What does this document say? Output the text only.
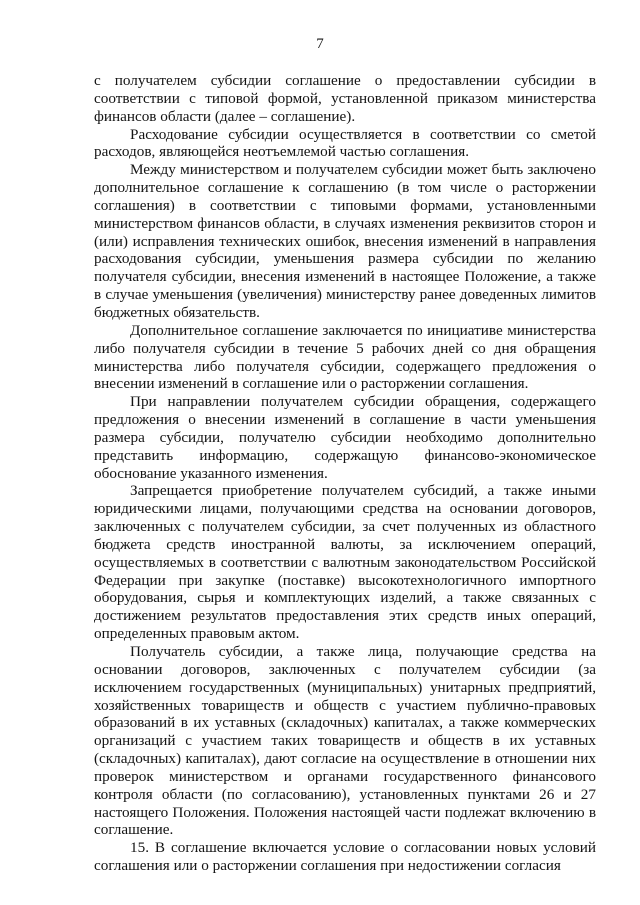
7

с получателем субсидии соглашение о предоставлении субсидии в соответствии с типовой формой, установленной приказом министерства финансов области (далее – соглашение).

Расходование субсидии осуществляется в соответствии со сметой расходов, являющейся неотъемлемой частью соглашения.

Между министерством и получателем субсидии может быть заключено дополнительное соглашение к соглашению (в том числе о расторжении соглашения) в соответствии с типовыми формами, установленными министерством финансов области, в случаях изменения реквизитов сторон и (или) исправления технических ошибок, внесения изменений в направления расходования субсидии, уменьшения размера субсидии по желанию получателя субсидии, внесения изменений в настоящее Положение, а также в случае уменьшения (увеличения) министерству ранее доведенных лимитов бюджетных обязательств.

Дополнительное соглашение заключается по инициативе министерства либо получателя субсидии в течение 5 рабочих дней со дня обращения министерства либо получателя субсидии, содержащего предложения о внесении изменений в соглашение или о расторжении соглашения.

При направлении получателем субсидии обращения, содержащего предложения о внесении изменений в соглашение в части уменьшения размера субсидии, получателю субсидии необходимо дополнительно представить информацию, содержащую финансово-экономическое обоснование указанного изменения.

Запрещается приобретение получателем субсидий, а также иными юридическими лицами, получающими средства на основании договоров, заключенных с получателем субсидии, за счет полученных из областного бюджета средств иностранной валюты, за исключением операций, осуществляемых в соответствии с валютным законодательством Российской Федерации при закупке (поставке) высокотехнологичного импортного оборудования, сырья и комплектующих изделий, а также связанных с достижением результатов предоставления этих средств иных операций, определенных правовым актом.

Получатель субсидии, а также лица, получающие средства на основании договоров, заключенных с получателем субсидии (за исключением государственных (муниципальных) унитарных предприятий, хозяйственных товариществ и обществ с участием публично-правовых образований в их уставных (складочных) капиталах, а также коммерческих организаций с участием таких товариществ и обществ в их уставных (складочных) капиталах), дают согласие на осуществление в отношении них проверок министерством и органами государственного финансового контроля области (по согласованию), установленных пунктами 26 и 27 настоящего Положения. Положения настоящей части подлежат включению в соглашение.

15. В соглашение включается условие о согласовании новых условий соглашения или о расторжении соглашения при недостижении согласия
